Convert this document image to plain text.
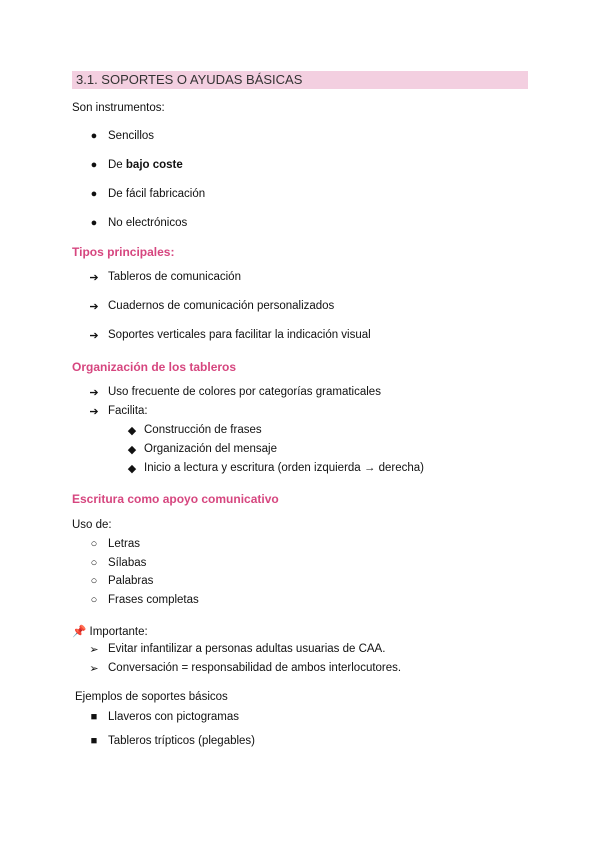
3.1. SOPORTES O AYUDAS BÁSICAS
Son instrumentos:
● Sencillos
● De bajo coste
● De fácil fabricación
● No electrónicos
Tipos principales:
➔ Tableros de comunicación
➔ Cuadernos de comunicación personalizados
➔ Soportes verticales para facilitar la indicación visual
Organización de los tableros
➔ Uso frecuente de colores por categorías gramaticales
➔ Facilita:
◆ Construcción de frases
◆ Organización del mensaje
◆ Inicio a lectura y escritura (orden izquierda → derecha)
Escritura como apoyo comunicativo
Uso de:
○ Letras
○ Sílabas
○ Palabras
○ Frases completas
📌 Importante:
➢ Evitar infantilizar a personas adultas usuarias de CAA.
➢ Conversación = responsabilidad de ambos interlocutores.
Ejemplos de soportes básicos
■ Llaveros con pictogramas
■ Tableros trípticos (plegables)
